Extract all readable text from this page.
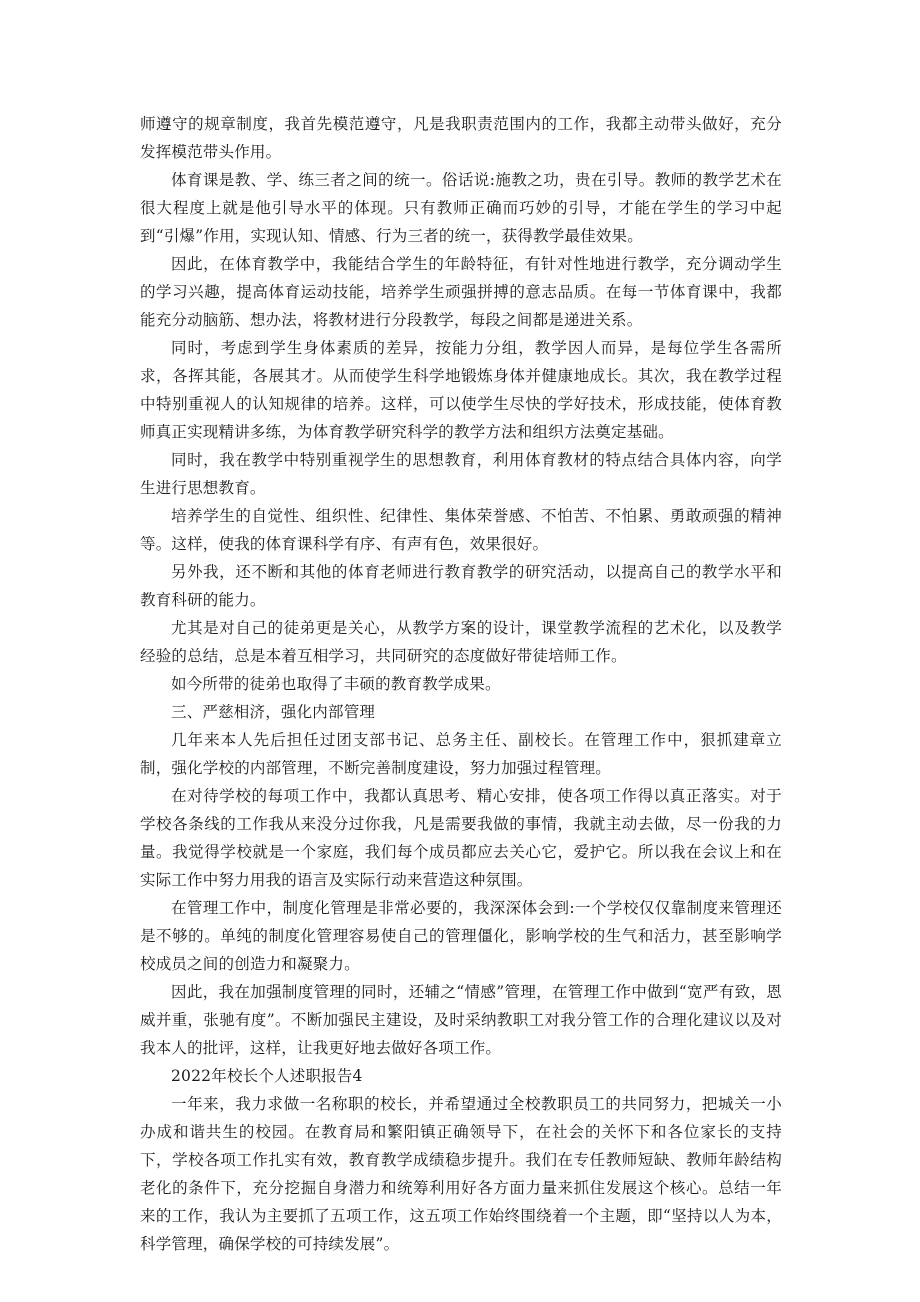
师遵守的规章制度，我首先模范遵守，凡是我职责范围内的工作，我都主动带头做好，充分发挥模范带头作用。

体育课是教、学、练三者之间的统一。俗话说:施教之功，贵在引导。教师的教学艺术在很大程度上就是他引导水平的体现。只有教师正确而巧妙的引导，才能在学生的学习中起到“引爆”作用，实现认知、情感、行为三者的统一，获得教学最佳效果。

因此，在体育教学中，我能结合学生的年龄特征，有针对性地进行教学，充分调动学生的学习兴趣，提高体育运动技能，培养学生顽强拼搏的意志品质。在每一节体育课中，我都能充分动脑筋、想办法，将教材进行分段教学，每段之间都是递进关系。

同时，考虑到学生身体素质的差异，按能力分组，教学因人而异，是每位学生各需所求，各挥其能，各展其才。从而使学生科学地锻炼身体并健康地成长。其次，我在教学过程中特别重视人的认知规律的培养。这样，可以使学生尽快的学好技术，形成技能，使体育教师真正实现精讲多练，为体育教学研究科学的教学方法和组织方法奠定基础。

同时，我在教学中特别重视学生的思想教育，利用体育教材的特点结合具体内容，向学生进行思想教育。

培养学生的自觉性、组织性、纪律性、集体荣誉感、不怕苦、不怕累、勇敢顽强的精神等。这样，使我的体育课科学有序、有声有色，效果很好。

另外我，还不断和其他的体育老师进行教育教学的研究活动，以提高自己的教学水平和教育科研的能力。

尤其是对自己的徒弟更是关心，从教学方案的设计，课堂教学流程的艺术化，以及教学经验的总结，总是本着互相学习，共同研究的态度做好带徒培师工作。

如今所带的徒弟也取得了丰硕的教育教学成果。

三、严慈相济，强化内部管理

几年来本人先后担任过团支部书记、总务主任、副校长。在管理工作中，狠抓建章立制，强化学校的内部管理，不断完善制度建设，努力加强过程管理。

在对待学校的每项工作中，我都认真思考、精心安排，使各项工作得以真正落实。对于学校各条线的工作我从来没分过你我，凡是需要我做的事情，我就主动去做，尽一份我的力量。我觉得学校就是一个家庭，我们每个成员都应去关心它，爱护它。所以我在会议上和在实际工作中努力用我的语言及实际行动来营造这种氛围。

在管理工作中，制度化管理是非常必要的，我深深体会到:一个学校仅仅靠制度来管理还是不够的。单纯的制度化管理容易使自己的管理僵化，影响学校的生气和活力，甚至影响学校成员之间的创造力和凝聚力。

因此，我在加强制度管理的同时，还辅之“情感”管理，在管理工作中做到“宽严有致，恩威并重，张驰有度”。不断加强民主建设，及时采纳教职工对我分管工作的合理化建议以及对我本人的批评，这样，让我更好地去做好各项工作。

2022年校长个人述职报告4

一年来，我力求做一名称职的校长，并希望通过全校教职员工的共同努力，把城关一小办成和谐共生的校园。在教育局和繁阳镇正确领导下，在社会的关怀下和各位家长的支持下，学校各项工作扎实有效，教育教学成绩稳步提升。我们在专任教师短缺、教师年龄结构老化的条件下，充分挖掘自身潜力和统筹利用好各方面力量来抓住发展这个核心。总结一年来的工作，我认为主要抓了五项工作，这五项工作始终围绕着一个主题，即“坚持以人为本，科学管理，确保学校的可持续发展”。
